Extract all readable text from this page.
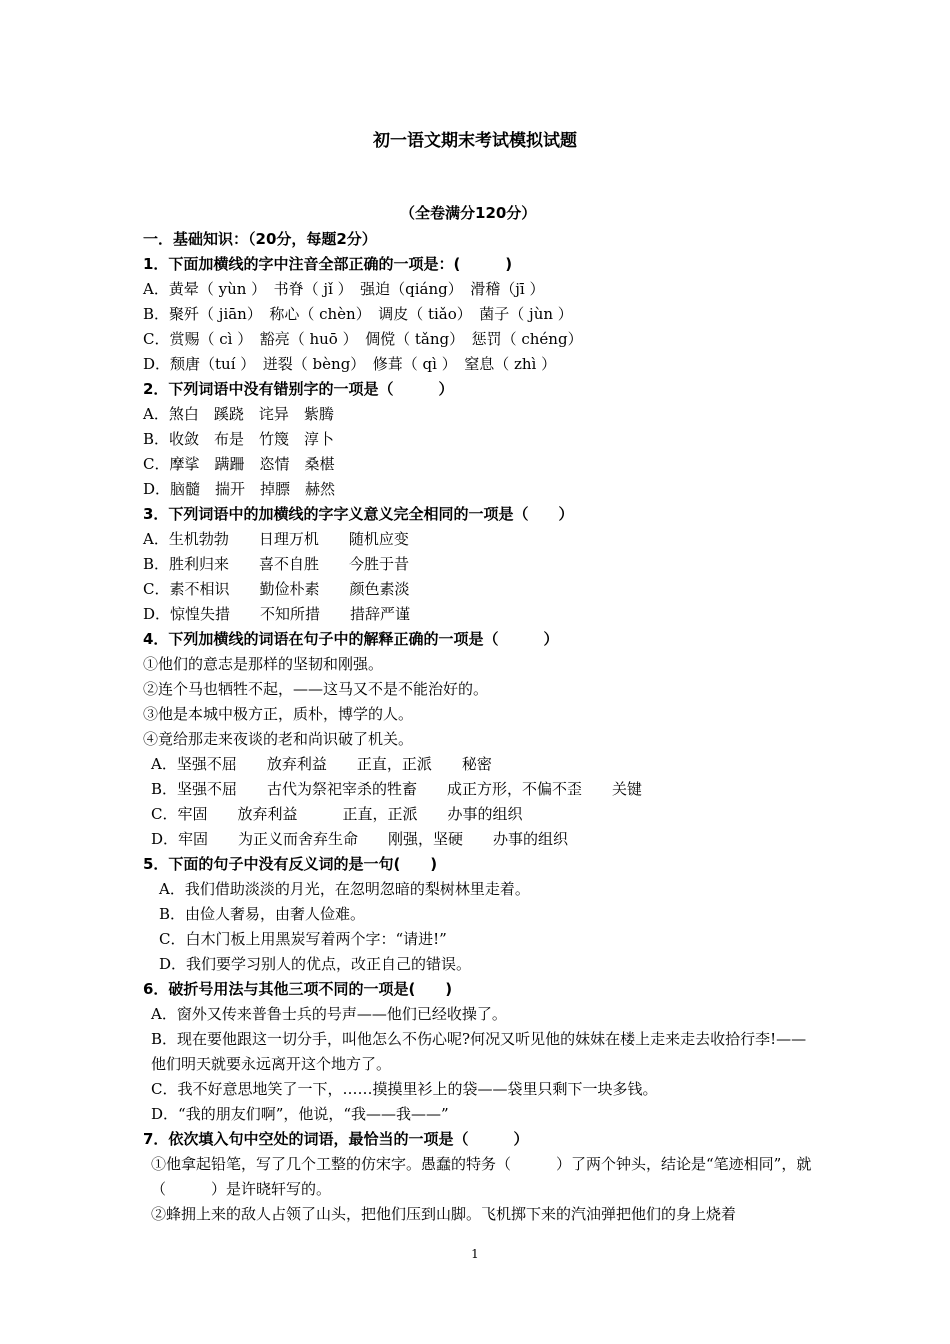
初一语文期末考试模拟试题
（全卷满分120分）
一．基础知识：（20分，每题2分）
1．下面加横线的字中注音全部正确的一项是：(　　　)
A．黄晕（ yùn ）　书脊（ jǐ ）　强迫（qiáng）　滑稽（jī ）
B．聚歼（ jiān）　称心（ chèn）　调皮（ tiǎo）　菌子（ jùn ）
C．赏赐（ cì ）　豁亮（ huō ）　倜傥（ tǎng）　惩罚（ chéng）
D．颓唐（tuí ）　迸裂（ bèng）　修葺（ qì ）　窒息（ zhì ）
2．下列词语中没有错别字的一项是（　　　）
A．煞白　蹊跷　诧异　紫腾
B．收敛　布是　竹篾　淳卜
C．摩挲　蹒跚　恣情　桑椹
D．脑髓　揣开　掉膘　赫然
3．下列词语中的加横线的字字义意义完全相同的一项是（　　）
A．生机勃勃　　日理万机　　随机应变
B．胜利归来　　喜不自胜　　今胜于昔
C．素不相识　　勤俭朴素　　颜色素淡
D．惊惶失措　　不知所措　　措辞严谨
4．下列加横线的词语在句子中的解释正确的一项是（　　　）
①他们的意志是那样的坚韧和刚强。
②连个马也牺牲不起，——这马又不是不能治好的。
③他是本城中极方正，质朴，博学的人。
④竟给那走来夜谈的老和尚识破了机关。
A．坚强不屈　　放弃利益　　正直，正派　　秘密
B．坚强不屈　　古代为祭祀宰杀的牲畜　　成正方形，不偏不歪　　关键
C．牢固　　放弃利益　　　正直，正派　　办事的组织
D．牢固　　为正义而舍弃生命　　刚强，坚硬　　办事的组织
5．下面的句子中没有反义词的是一句(　　)
A．我们借助淡淡的月光，在忽明忽暗的梨树林里走着。
B．由俭人奢易，由奢人俭难。
C．白木门板上用黑炭写着两个字：“请进!”
D．我们要学习别人的优点，改正自己的错误。
6．破折号用法与其他三项不同的一项是(　　)
A．窗外又传来普鲁士兵的号声——他们已经收操了。
B．现在要他跟这一切分手，叫他怎么不伤心呢?何况又听见他的妹妹在楼上走来走去收拾行李!——他们明天就要永远离开这个地方了。
C．我不好意思地笑了一下，……摸摸里衫上的袋——袋里只剩下一块多钱。
D．“我的朋友们啊”，他说，“我——我——”
7．依次填入句中空处的词语，最恰当的一项是（　　　）
①他拿起铅笔，写了几个工整的仿宋字。愚蠢的特务（　　　）了两个钟头，结论是“笔迹相同”，就（　　　）是许晓轩写的。
②蜂拥上来的敌人占领了山头，把他们压到山脚。飞机掷下来的汽油弹把他们的身上烧着
1
